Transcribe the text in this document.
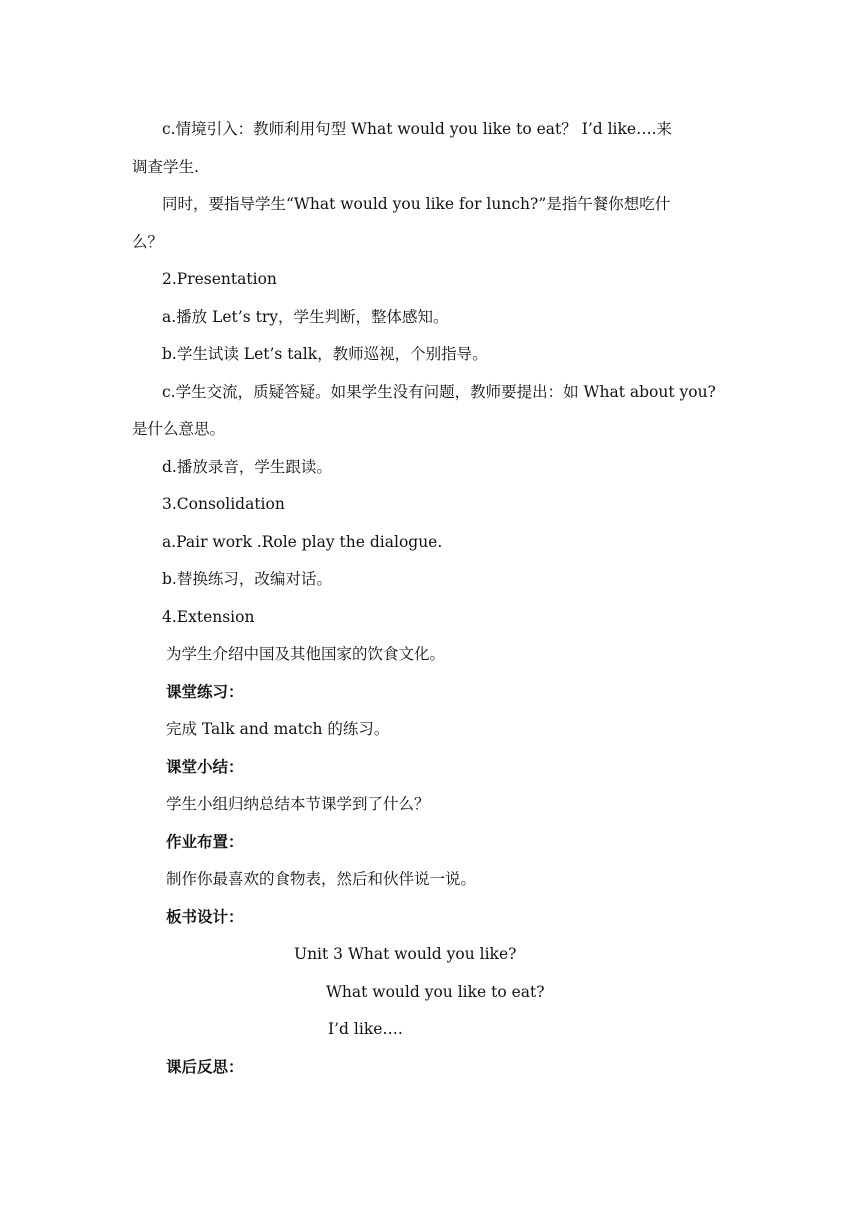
c.情境引入：教师利用句型 What would you like to eat？ I’d like….来
调查学生.
同时，要指导学生“What would you like for lunch?”是指午餐你想吃什
么？
2.Presentation
a.播放 Let’s try，学生判断，整体感知。
b.学生试读 Let’s talk，教师巡视，个别指导。
c.学生交流，质疑答疑。如果学生没有问题，教师要提出：如 What about you?
是什么意思。
d.播放录音，学生跟读。
3.Consolidation
a.Pair work .Role play the dialogue.
b.替换练习，改编对话。
4.Extension
为学生介绍中国及其他国家的饮食文化。
课堂练习：
完成 Talk and match 的练习。
课堂小结：
学生小组归纳总结本节课学到了什么？
作业布置：
制作你最喜欢的食物表，然后和伙伴说一说。
板书设计：
Unit 3 What would you like?
What would you like to eat?
I’d like….
课后反思：
